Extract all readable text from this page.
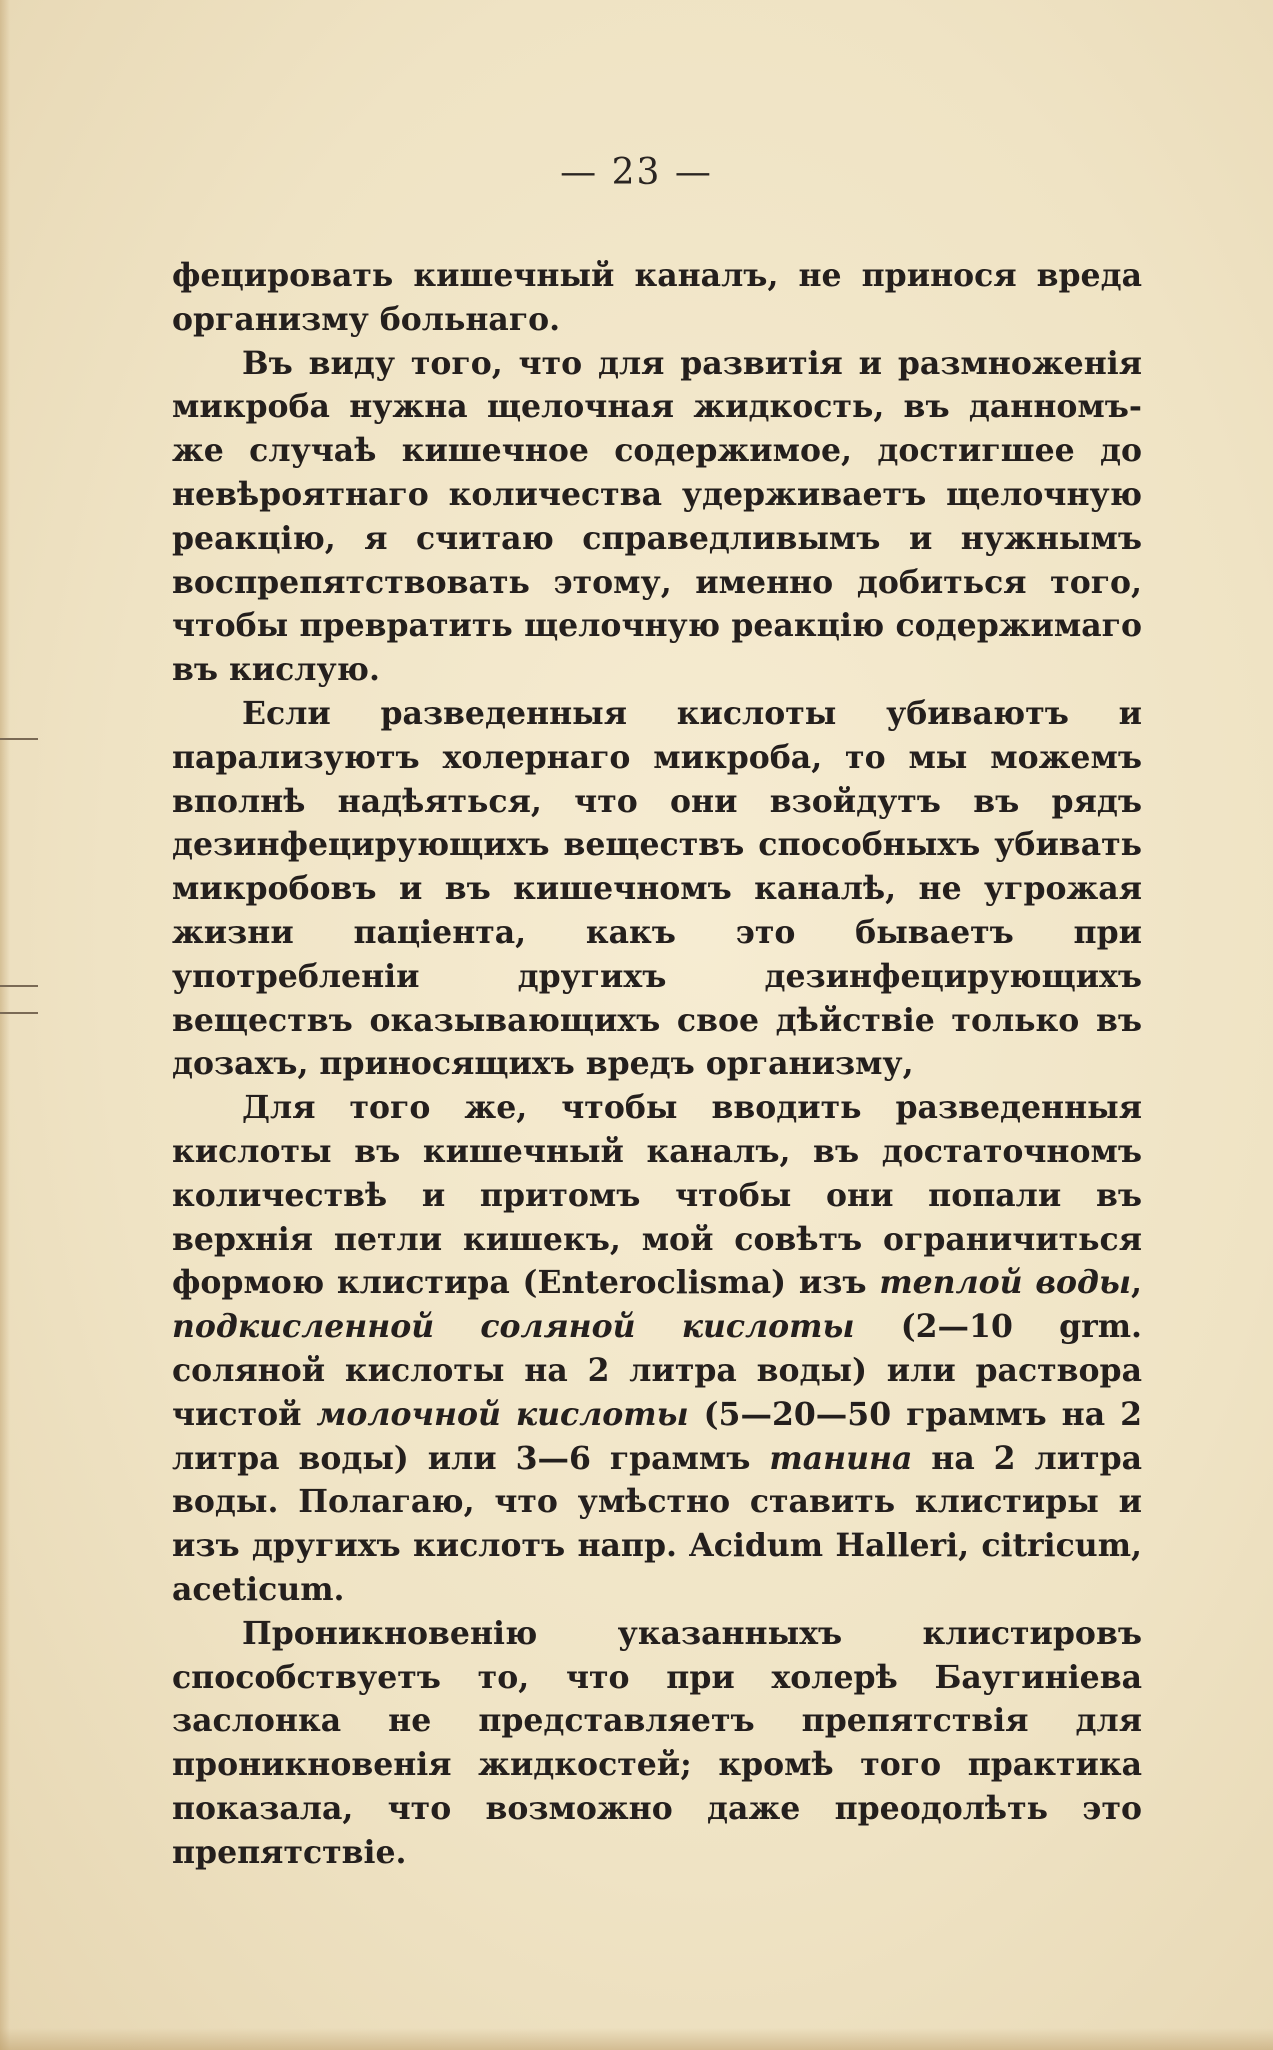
— 23 —

фецировать кишечный каналъ, не принося вреда организму больнаго.

Въ виду того, что для развитія и размноженія микроба нужна щелочная жидкость, въ данномъ-же случаѣ кишечное содержимое, достигшее до невѣроятнаго количества удерживаетъ щелочную реакцію, я считаю справедливымъ и нужнымъ воспрепятствовать этому, именно добиться того, чтобы превратить щелочную реакцію содержимаго въ кислую.

Если разведенныя кислоты убиваютъ и парализуютъ холернаго микроба, то мы можемъ вполнѣ надѣяться, что они взойдутъ въ рядъ дезинфецирующихъ веществъ способныхъ убивать микробовъ и въ кишечномъ каналѣ, не угрожая жизни паціента, какъ это бываетъ при употребленіи другихъ дезинфецирующихъ веществъ оказывающихъ свое дѣйствіе только въ дозахъ, приносящихъ вредъ организму,

Для того же, чтобы вводить разведенныя кислоты въ кишечный каналъ, въ достаточномъ количествѣ и притомъ чтобы они попали въ верхнія петли кишекъ, мой совѣтъ ограничиться формою клистира (Enteroclisma) изъ теплой воды, подкисленной соляной кислоты (2—10 grm. соляной кислоты на 2 литра воды) или раствора чистой молочной кислоты (5—20—50 граммъ на 2 литра воды) или 3—6 граммъ танина на 2 литра воды. Полагаю, что умѣстно ставить клистиры и изъ другихъ кислотъ напр. Acidum Halleri, citricum, aceticum.

Проникновенію указанныхъ клистировъ способствуетъ то, что при холерѣ Баугиніева заслонка не представляетъ препятствія для проникновенія жидкостей; кромѣ того практика показала, что возможно даже преодолѣть это препятствіе.
